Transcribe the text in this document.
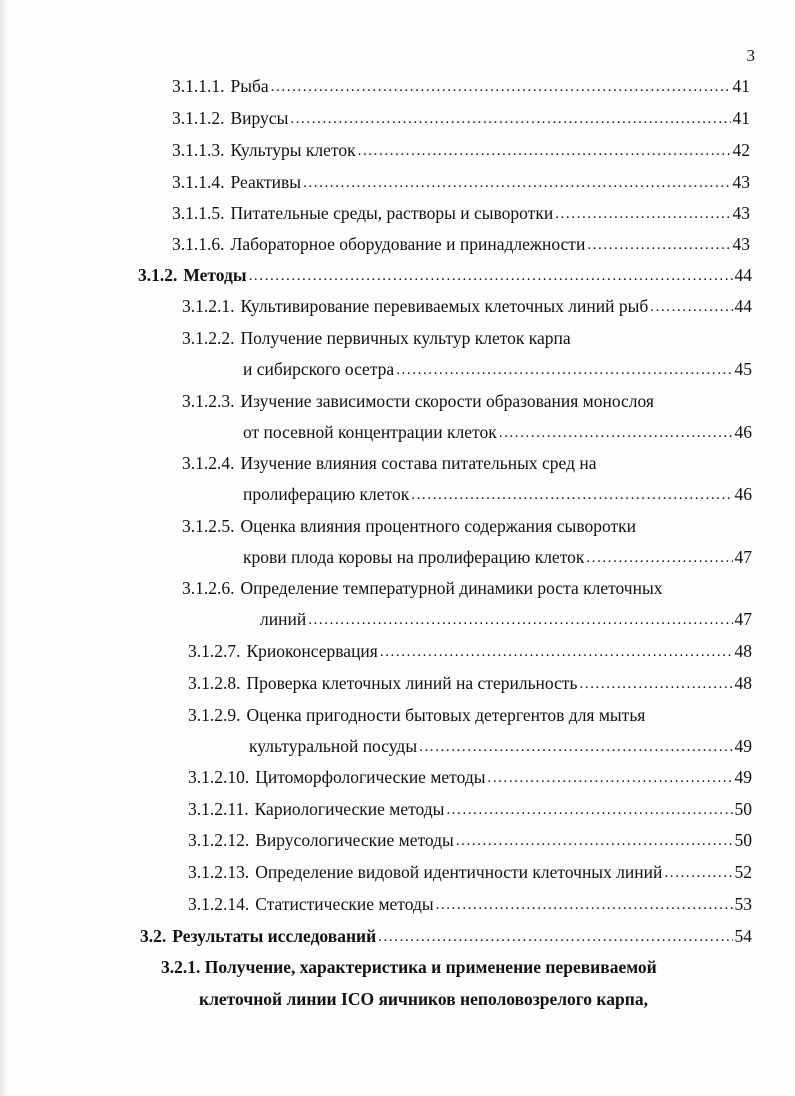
3
3.1.1.1. Рыба .....	41
3.1.1.2. Вирусы .....	41
3.1.1.3. Культуры клеток .....	42
3.1.1.4. Реактивы .....	43
3.1.1.5. Питательные среды, растворы и сыворотки .....	43
3.1.1.6. Лабораторное оборудование и принадлежности .....	43
3.1.2. Методы .....	44
3.1.2.1. Культивирование перевиваемых клеточных линий рыб .....	44
3.1.2.2. Получение первичных культур клеток карпа
и сибирского осетра .....	45
3.1.2.3. Изучение зависимости скорости образования монослоя
от посевной концентрации клеток .....	46
3.1.2.4. Изучение влияния состава питательных сред на
пролиферацию клеток .....	46
3.1.2.5. Оценка влияния процентного содержания сыворотки
крови плода коровы на пролиферацию клеток .....	47
3.1.2.6. Определение температурной динамики роста клеточных
линий .....	47
3.1.2.7. Криоконсервация .....	48
3.1.2.8. Проверка клеточных линий на стерильность .....	48
3.1.2.9. Оценка пригодности бытовых детергентов для мытья
культуральной посуды .....	49
3.1.2.10. Цитоморфологические методы .....	49
3.1.2.11. Кариологические методы .....	50
3.1.2.12. Вирусологические методы .....	50
3.1.2.13. Определение видовой идентичности клеточных линий .....	52
3.1.2.14. Статистические методы .....	53
3.2. Результаты исследований .....	54
3.2.1. Получение, характеристика и применение перевиваемой
клеточной линии ICO яичников неполовозрелого карпа,
